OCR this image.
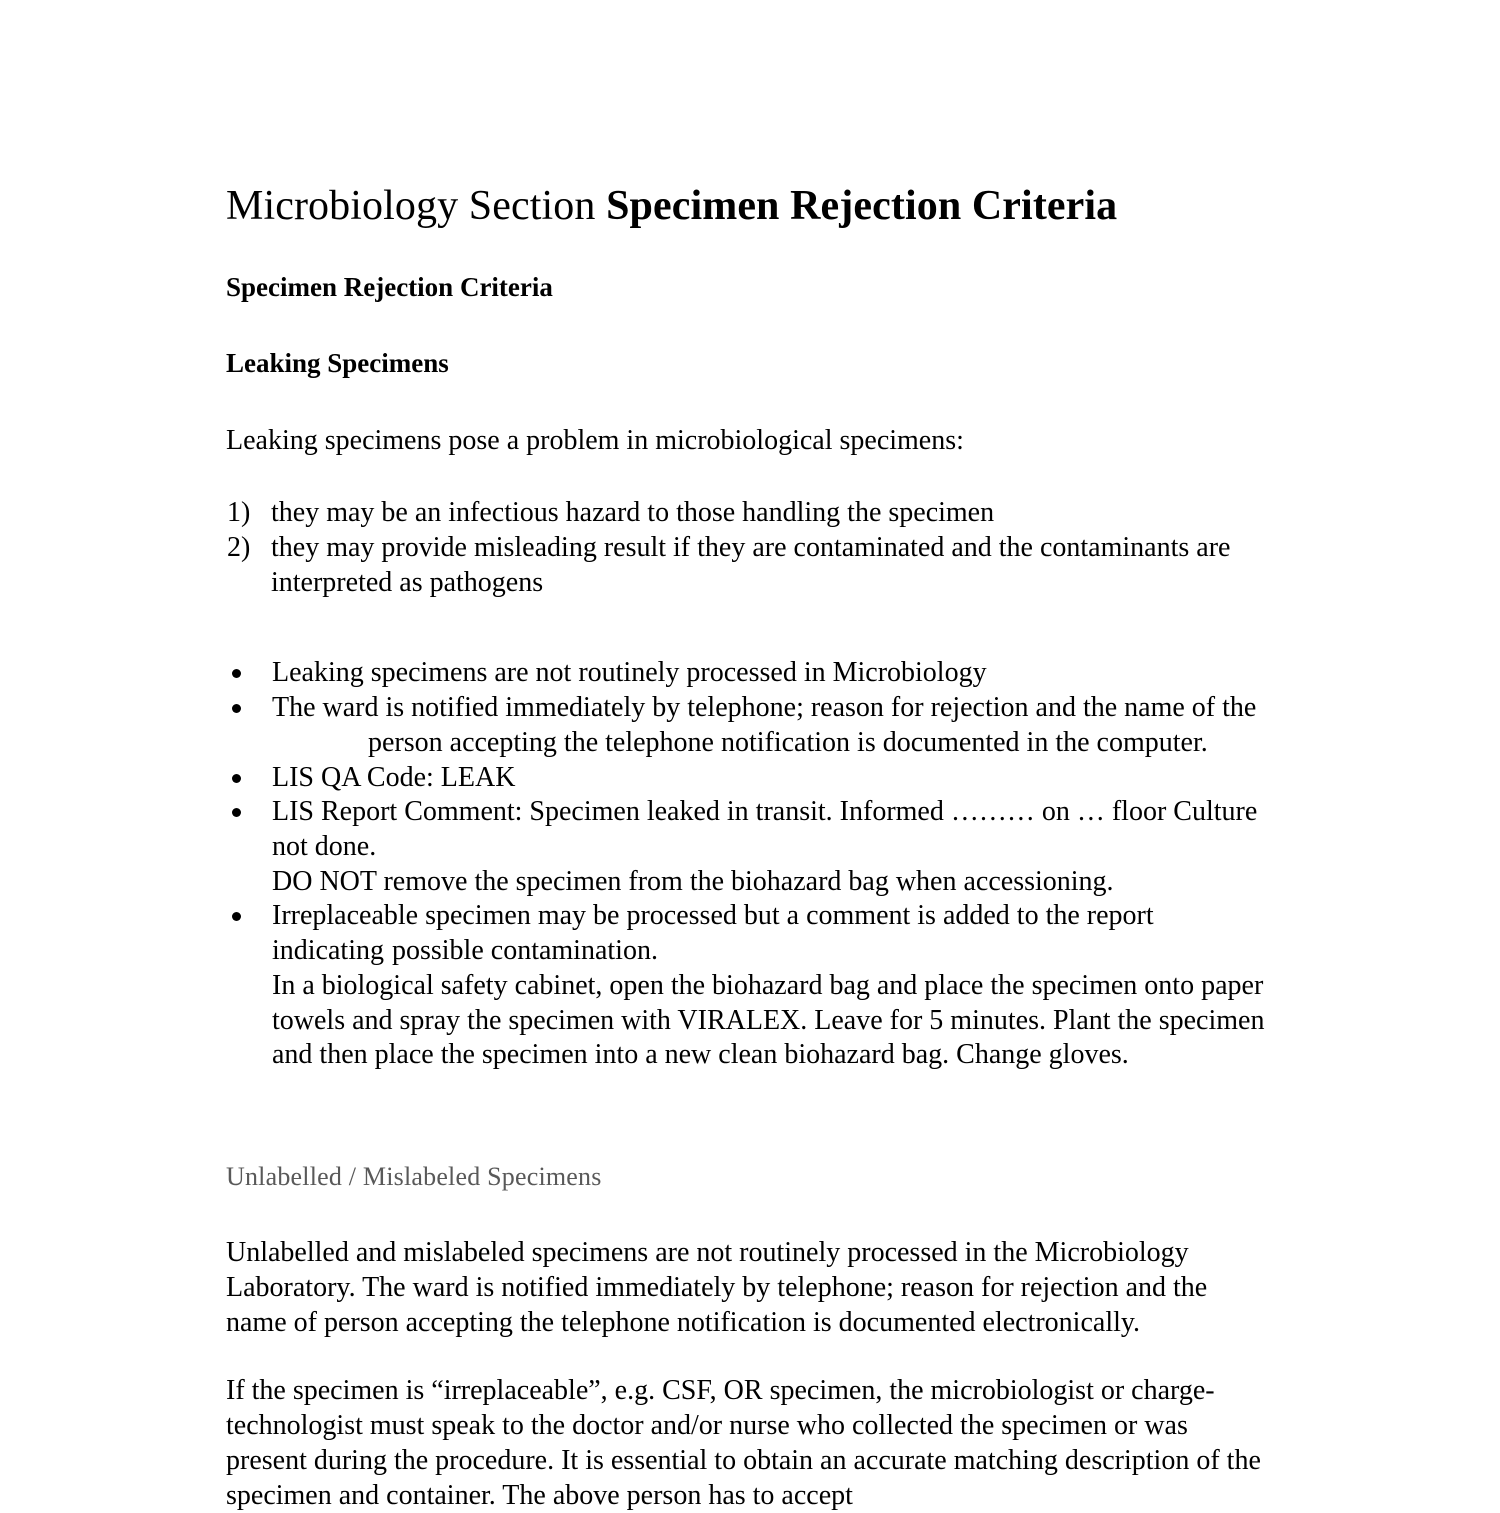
Microbiology Section Specimen Rejection Criteria
Specimen Rejection Criteria
Leaking Specimens

Leaking specimens pose a problem in microbiological specimens:

1) they may be an infectious hazard to those handling the specimen
2) they may provide misleading result if they are contaminated and the contaminants are interpreted as pathogens
Leaking specimens are not routinely processed in Microbiology
The ward is notified immediately by telephone; reason for rejection and the name of theperson accepting the telephone notification is documented in the computer.
LIS QA Code: LEAK
LIS Report Comment: Specimen leaked in transit. Informed ……… on … floor Culture not done.
DO NOT remove the specimen from the biohazard bag when accessioning.
Irreplaceable specimen may be processed but a comment is added to the report indicating possible contamination.
In a biological safety cabinet, open the biohazard bag and place the specimen onto paper towels and spray the specimen with VIRALEX. Leave for 5 minutes. Plant the specimen and then place the specimen into a new clean biohazard bag. Change gloves.
Unlabelled / Mislabeled Specimens

Unlabelled and mislabeled specimens are not routinely processed in the Microbiology Laboratory. The ward is notified immediately by telephone; reason for rejection and the name of person accepting the telephone notification is documented electronically.

If the specimen is “irreplaceable”, e.g. CSF, OR specimen, the microbiologist or charge-technologist must speak to the doctor and/or nurse who collected the specimen or was present during the procedure. It is essential to obtain an accurate matching description of the specimen and container. The above person has to accept
